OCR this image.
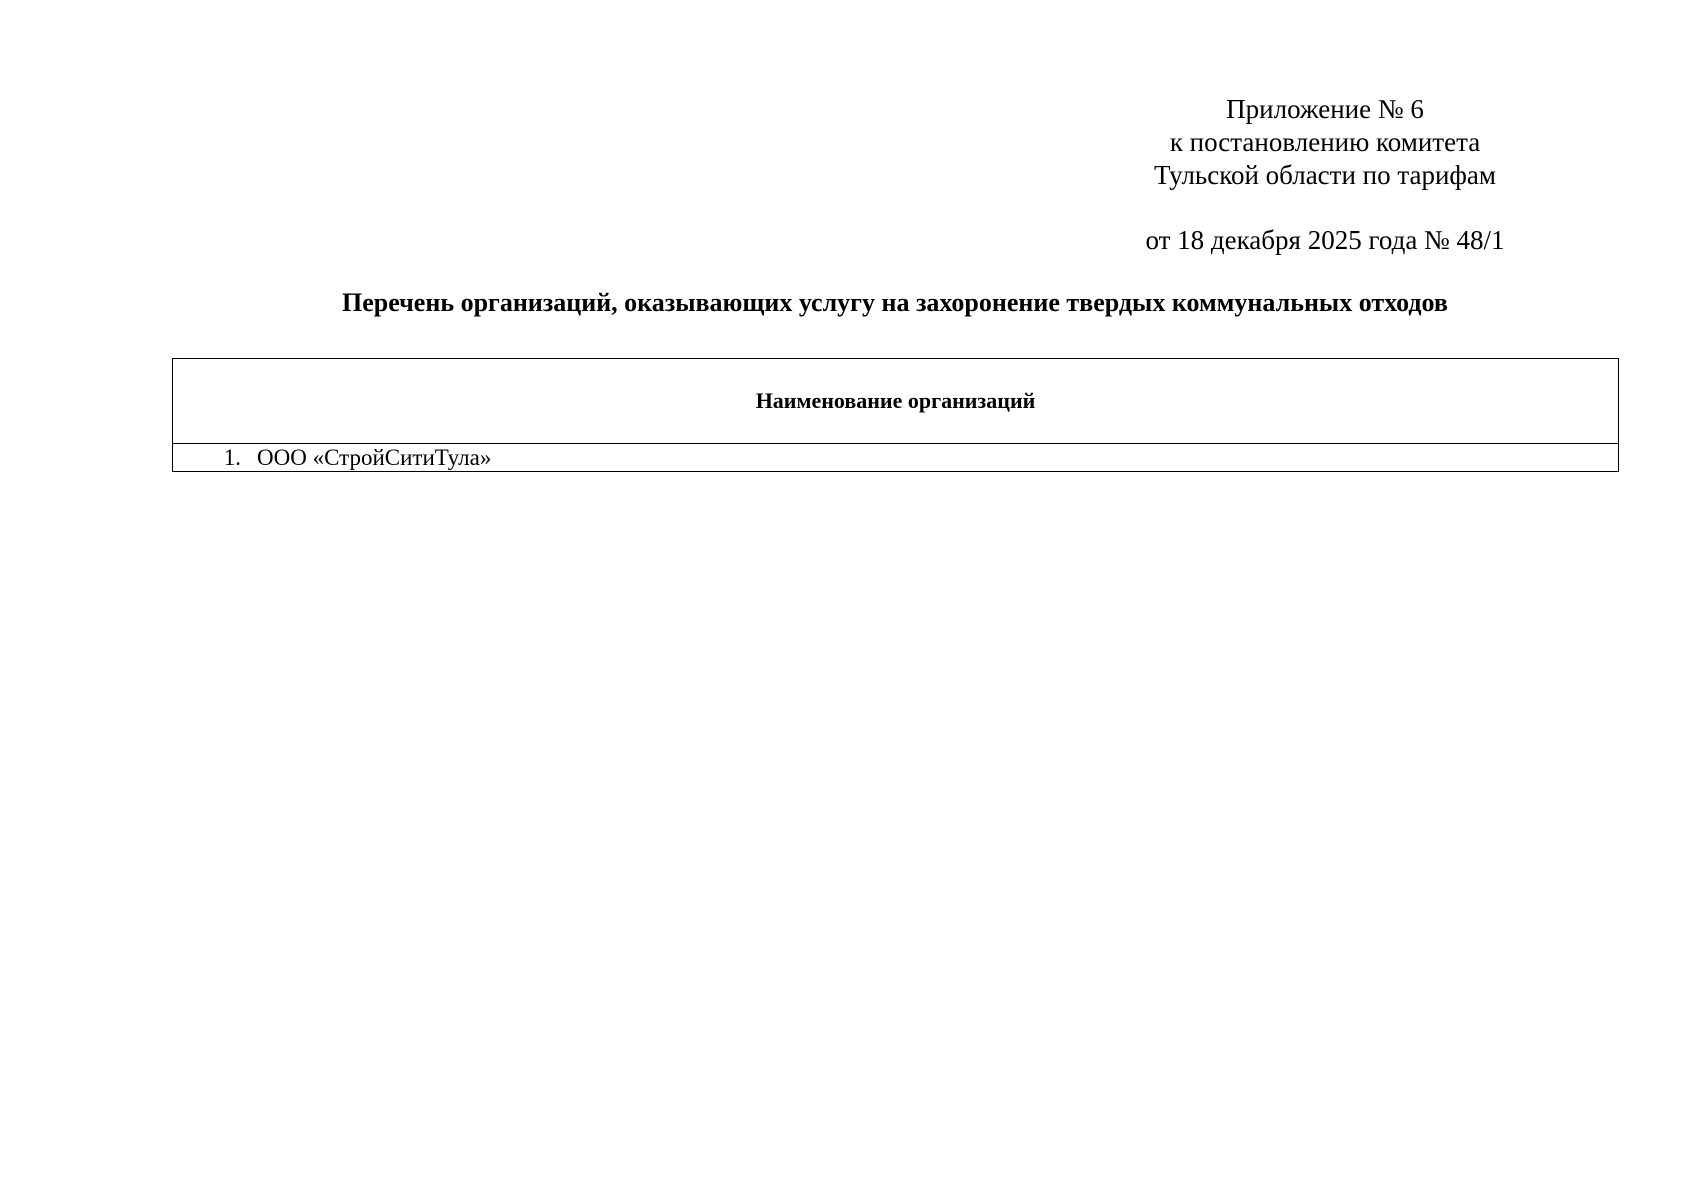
Приложение № 6
к постановлению комитета
Тульской области по тарифам
от 18 декабря 2025 года № 48/1
Перечень организаций, оказывающих услугу на захоронение твердых коммунальных отходов
Наименование организаций
1. ООО «СтройСитиТула»
